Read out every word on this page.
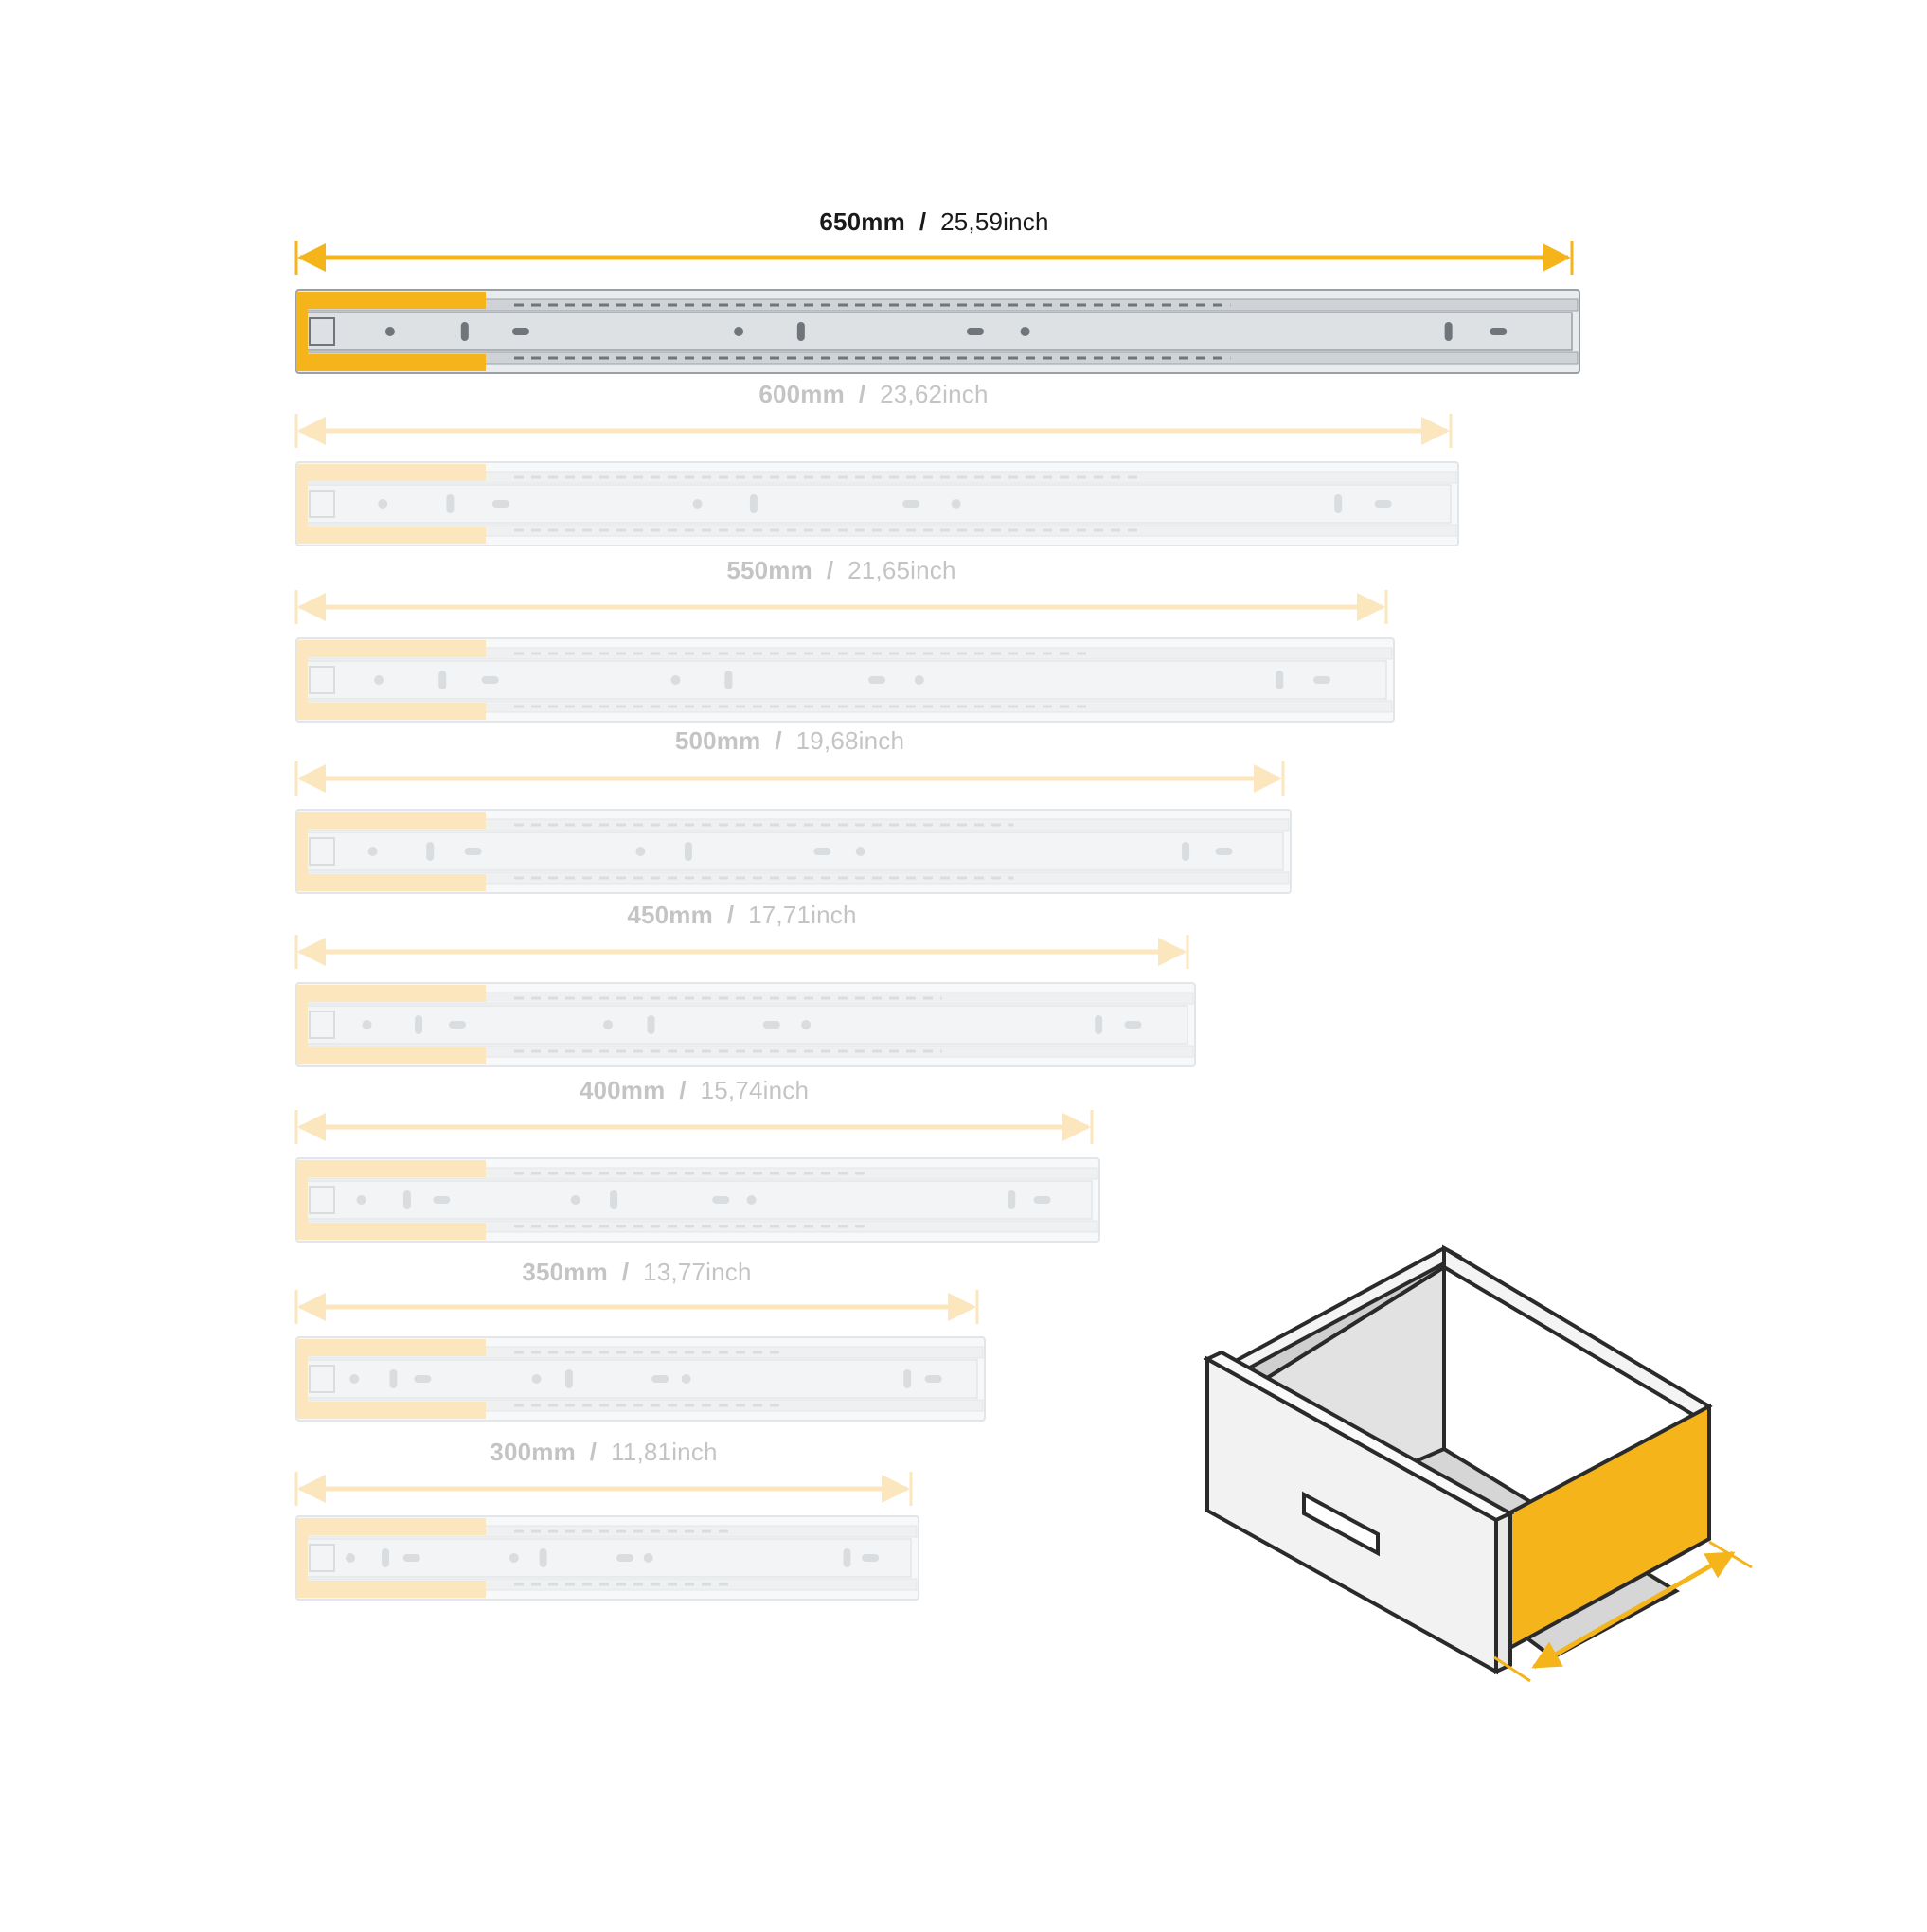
650mm  /  25,59inch
600mm  /  23,62inch
550mm  /  21,65inch
500mm  /  19,68inch
450mm  /  17,71inch
400mm  /  15,74inch
350mm  /  13,77inch
300mm  /  11,81inch
